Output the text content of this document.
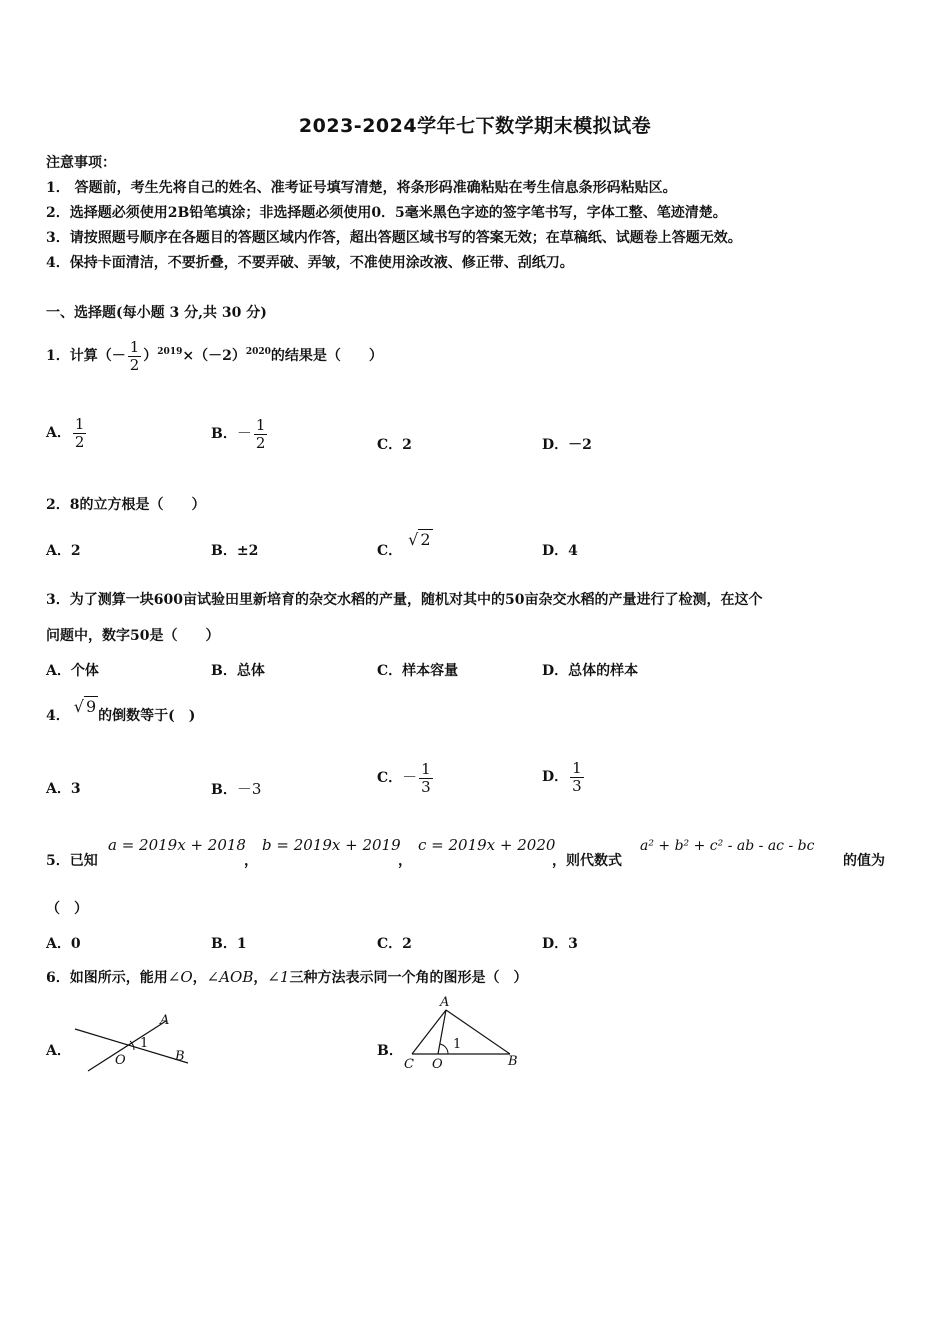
2023-2024学年七下数学期末模拟试卷
注意事项：
1． 答题前，考生先将自己的姓名、准考证号填写清楚，将条形码准确粘贴在考生信息条形码粘贴区。
2．选择题必须使用2B铅笔填涂；非选择题必须使用0．5毫米黑色字迹的签字笔书写，字体工整、笔迹清楚。
3．请按照题号顺序在各题目的答题区域内作答，超出答题区域书写的答案无效；在草稿纸、试题卷上答题无效。
4．保持卡面清洁，不要折叠，不要弄破、弄皱，不准使用涂改液、修正带、刮纸刀。
一、选择题(每小题 3 分,共 30 分)
1．计算（－ $\frac{1}{2} )^{2019}\times(-2)^{2020}$的结果是（　　）
A． $\frac{1}{2}$	B．－ $\frac{1}{2}$	C．2	D．－2
2．8的立方根是（　　）
A．2	B．±2	C．√ 2
D．4
3．为了测算一块600亩试验田里新培育的杂交水稻的产量，随机对其中的50亩杂交水稻的产量进行了检测，在这个
问题中，数字50是（　　）
A．个体	B．总体	C．样本容量	D．总体的样本
4． √ 9 的倒数等于(　)
A．3	B．－3
C．－ $\frac{1}{3}$	D． $\frac{1}{3}$
5．已知
a = 2019x + 2018
，
b = 2019x + 2019
，
c = 2019x + 2020
，则代数式
a² + b² + c² - ab - ac - bc
的值为
（　）
A．0	B．1	C．2	D．3
6．如图所示，能用∠O，∠AOB，∠1三种方法表示同一个角的图形是（　）
A．
A
B
O
1	B．
A
C O	B
1
